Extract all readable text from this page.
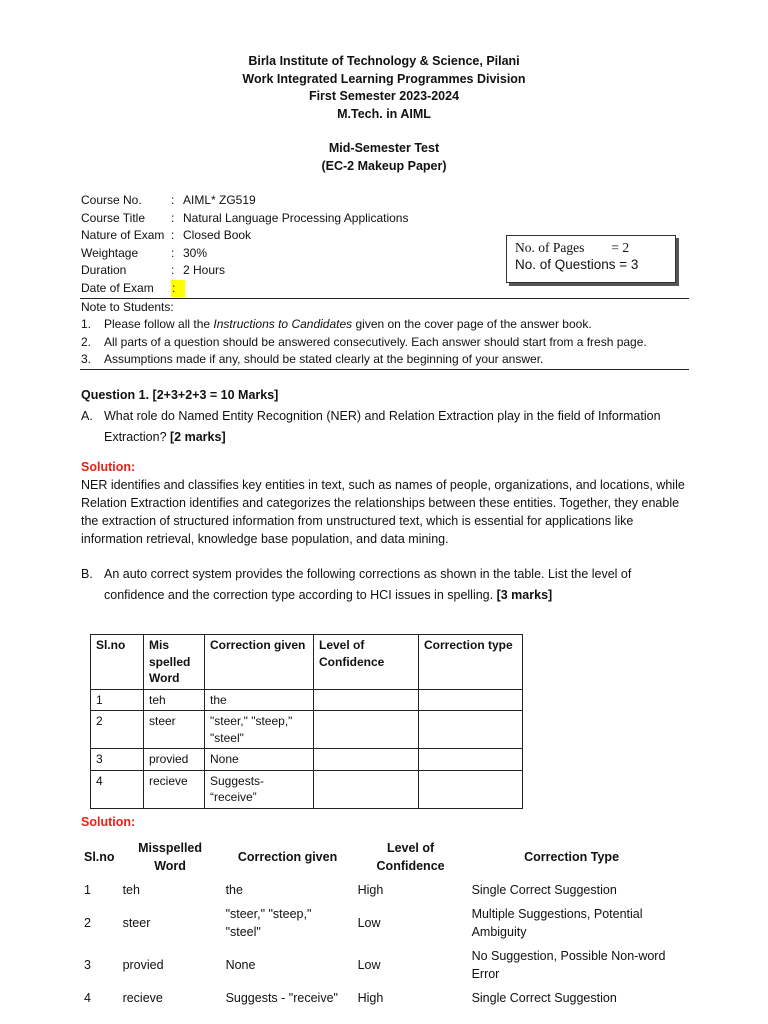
Birla Institute of Technology & Science, Pilani
Work Integrated Learning Programmes Division
First Semester 2023-2024
M.Tech. in AIML
Mid-Semester Test
(EC-2 Makeup Paper)
Course No.	: AIML* ZG519
Course Title	: Natural Language Processing Applications
Nature of Exam : Closed Book
Weightage	: 30%
Duration	: 2 Hours
Date of Exam	:
No. of Pages        = 2
No. of Questions = 3
Note to Students:
1.	Please follow all the Instructions to Candidates given on the cover page of the answer book.
2.	All parts of a question should be answered consecutively. Each answer should start from a fresh page.
3.	Assumptions made if any, should be stated clearly at the beginning of your answer.
Question 1. [2+3+2+3 = 10 Marks]
A. What role do Named Entity Recognition (NER) and Relation Extraction play in the field of Information Extraction? [2 marks]
Solution:
NER identifies and classifies key entities in text, such as names of people, organizations, and locations, while Relation Extraction identifies and categorizes the relationships between these entities. Together, they enable the extraction of structured information from unstructured text, which is essential for applications like information retrieval, knowledge base population, and data mining.
B. An auto correct system provides the following corrections as shown in the table. List the level of confidence and the correction type according to HCI issues in spelling. [3 marks]
Sl.no	Mis spelled Word	Correction given	Level of Confidence	Correction type
1	teh	the		
2	steer	"steer," "steep," "steel"		
3	provied	None		
4	recieve	Suggests-
“receive”		
Solution:
Sl.no	Misspelled Word	Correction given	Level of Confidence	Correction Type
1	teh	the	High	Single Correct Suggestion
2	steer	"steer," "steep," "steel"	Low	Multiple Suggestions, Potential Ambiguity
3	provied	None	Low	No Suggestion, Possible Non-word Error
4	recieve	Suggests - "receive"	High	Single Correct Suggestion
